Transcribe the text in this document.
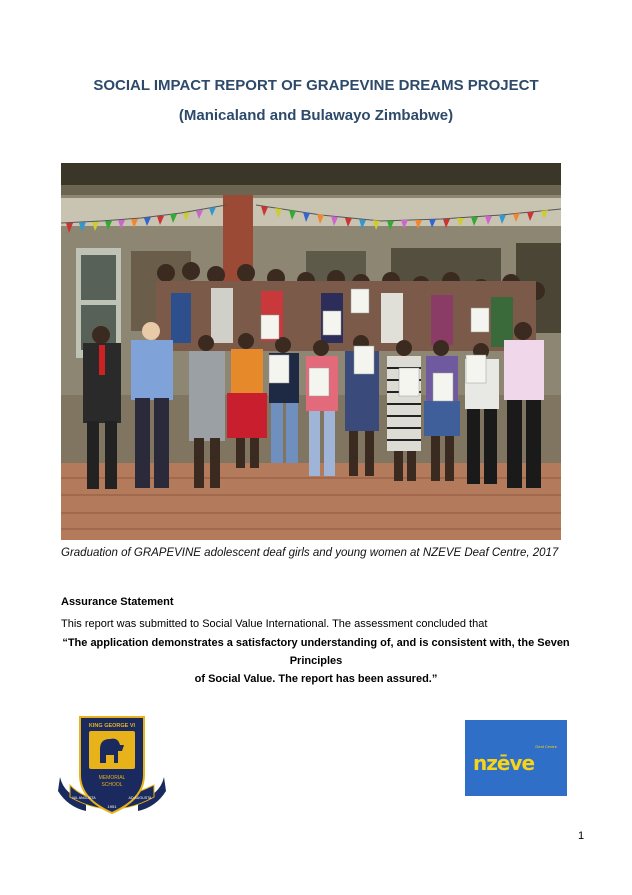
SOCIAL IMPACT REPORT OF GRAPEVINE DREAMS PROJECT
(Manicaland and Bulawayo Zimbabwe)
Graduation of GRAPEVINE adolescent deaf girls and young women at NZEVE Deaf Centre, 2017
Assurance Statement
This report was submitted to Social Value International. The assessment concluded that
“The application demonstrates a satisfactory understanding of, and is consistent with, the Seven Principles
of Social Value. The report has been assured.”
KING GEORGE VI
MEMORIAL
SCHOOL
NIL ANGUSTA	AD AUGUSTA
1951
Deaf Centre
nzēve
1
